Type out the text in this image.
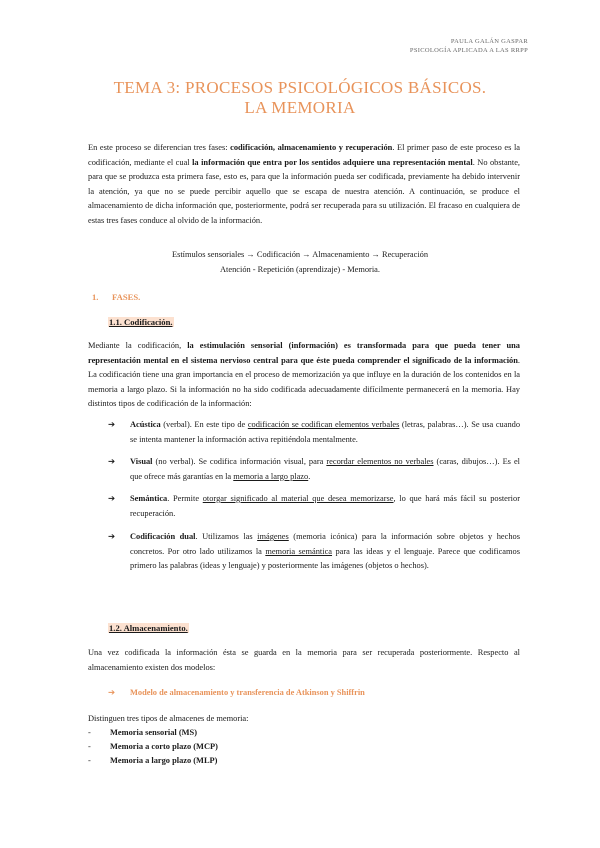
PAULA GALÁN GASPAR
PSICOLOGÍA APLICADA A LAS RRPP
TEMA 3: PROCESOS PSICOLÓGICOS BÁSICOS.
LA MEMORIA
En este proceso se diferencian tres fases: codificación, almacenamiento y recuperación. El primer paso de este proceso es la codificación, mediante el cual la información que entra por los sentidos adquiere una representación mental. No obstante, para que se produzca esta primera fase, esto es, para que la información pueda ser codificada, previamente ha debido intervenir la atención, ya que no se puede percibir aquello que se escapa de nuestra atención. A continuación, se produce el almacenamiento de dicha información que, posteriormente, podrá ser recuperada para su utilización. El fracaso en cualquiera de estas tres fases conduce al olvido de la información.
Estímulos sensoriales → Codificación → Almacenamiento → Recuperación
Atención - Repetición (aprendizaje) - Memoria.
1. FASES.
1.1. Codificación.
Mediante la codificación, la estimulación sensorial (información) es transformada para que pueda tener una representación mental en el sistema nervioso central para que éste pueda comprender el significado de la información. La codificación tiene una gran importancia en el proceso de memorización ya que influye en la duración de los contenidos en la memoria a largo plazo. Si la información no ha sido codificada adecuadamente difícilmente permanecerá en la memoria. Hay distintos tipos de codificación de la información:
➔ Acústica (verbal). En este tipo de codificación se codifican elementos verbales (letras, palabras…). Se usa cuando se intenta mantener la información activa repitiéndola mentalmente.
➔ Visual (no verbal). Se codifica información visual, para recordar elementos no verbales (caras, dibujos…). Es el que ofrece más garantías en la memoria a largo plazo.
➔ Semántica. Permite otorgar significado al material que desea memorizarse, lo que hará más fácil su posterior recuperación.
➔ Codificación dual. Utilizamos las imágenes (memoria icónica) para la información sobre objetos y hechos concretos. Por otro lado utilizamos la memoria semántica para las ideas y el lenguaje. Parece que codificamos primero las palabras (ideas y lenguaje) y posteriormente las imágenes (objetos o hechos).
1.2. Almacenamiento.
Una vez codificada la información ésta se guarda en la memoria para ser recuperada posteriormente. Respecto al almacenamiento existen dos modelos:
➔ Modelo de almacenamiento y transferencia de Atkinson y Shiffrin
Distinguen tres tipos de almacenes de memoria:
- Memoria sensorial (MS)
- Memoria a corto plazo (MCP)
- Memoria a largo plazo (MLP)
